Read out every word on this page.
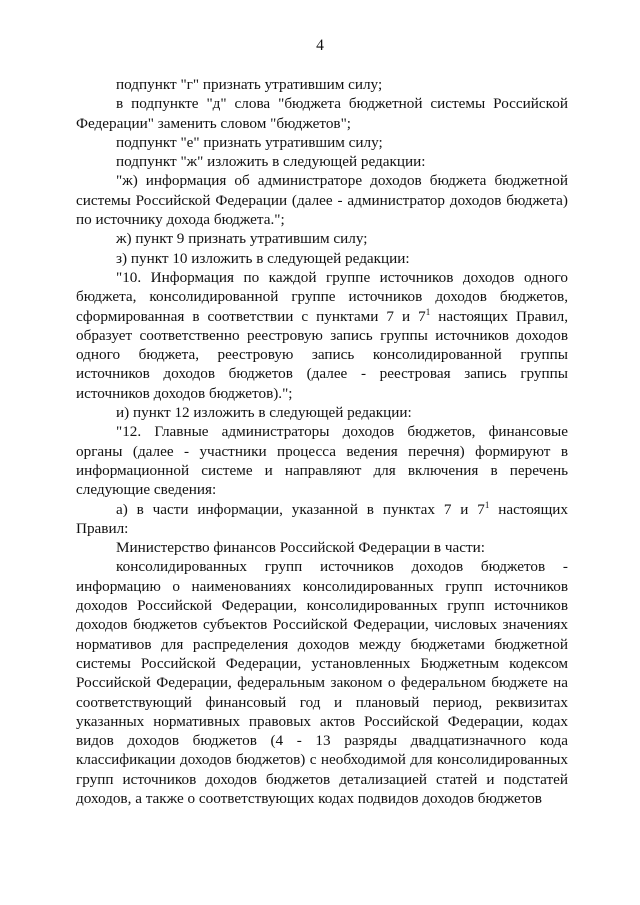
4

подпункт "г" признать утратившим силу;

в подпункте "д" слова "бюджета бюджетной системы Российской Федерации" заменить словом "бюджетов";

подпункт "е" признать утратившим силу;

подпункт "ж" изложить в следующей редакции:

"ж) информация об администраторе доходов бюджета бюджетной системы Российской Федерации (далее - администратор доходов бюджета) по источнику дохода бюджета.";

ж) пункт 9 признать утратившим силу;

з) пункт 10 изложить в следующей редакции:

"10. Информация по каждой группе источников доходов одного бюджета, консолидированной группе источников доходов бюджетов, сформированная в соответствии с пунктами 7 и $7^1$ настоящих Правил, образует соответственно реестровую запись группы источников доходов одного бюджета, реестровую запись консолидированной группы источников доходов бюджетов (далее - реестровая запись группы источников доходов бюджетов).";

и) пункт 12 изложить в следующей редакции:

"12. Главные администраторы доходов бюджетов, финансовые органы (далее - участники процесса ведения перечня) формируют в информационной системе и направляют для включения в перечень следующие сведения:

а) в части информации, указанной в пунктах 7 и $7^1$ настоящих Правил:

Министерство финансов Российской Федерации в части:

консолидированных групп источников доходов бюджетов - информацию о наименованиях консолидированных групп источников доходов Российской Федерации, консолидированных групп источников доходов бюджетов субъектов Российской Федерации, числовых значениях нормативов для распределения доходов между бюджетами бюджетной системы Российской Федерации, установленных Бюджетным кодексом Российской Федерации, федеральным законом о федеральном бюджете на соответствующий финансовый год и плановый период, реквизитах указанных нормативных правовых актов Российской Федерации, кодах видов доходов бюджетов (4 - 13 разряды двадцатизначного кода классификации доходов бюджетов) с необходимой для консолидированных групп источников доходов бюджетов детализацией статей и подстатей доходов, а также о соответствующих кодах подвидов доходов бюджетов
